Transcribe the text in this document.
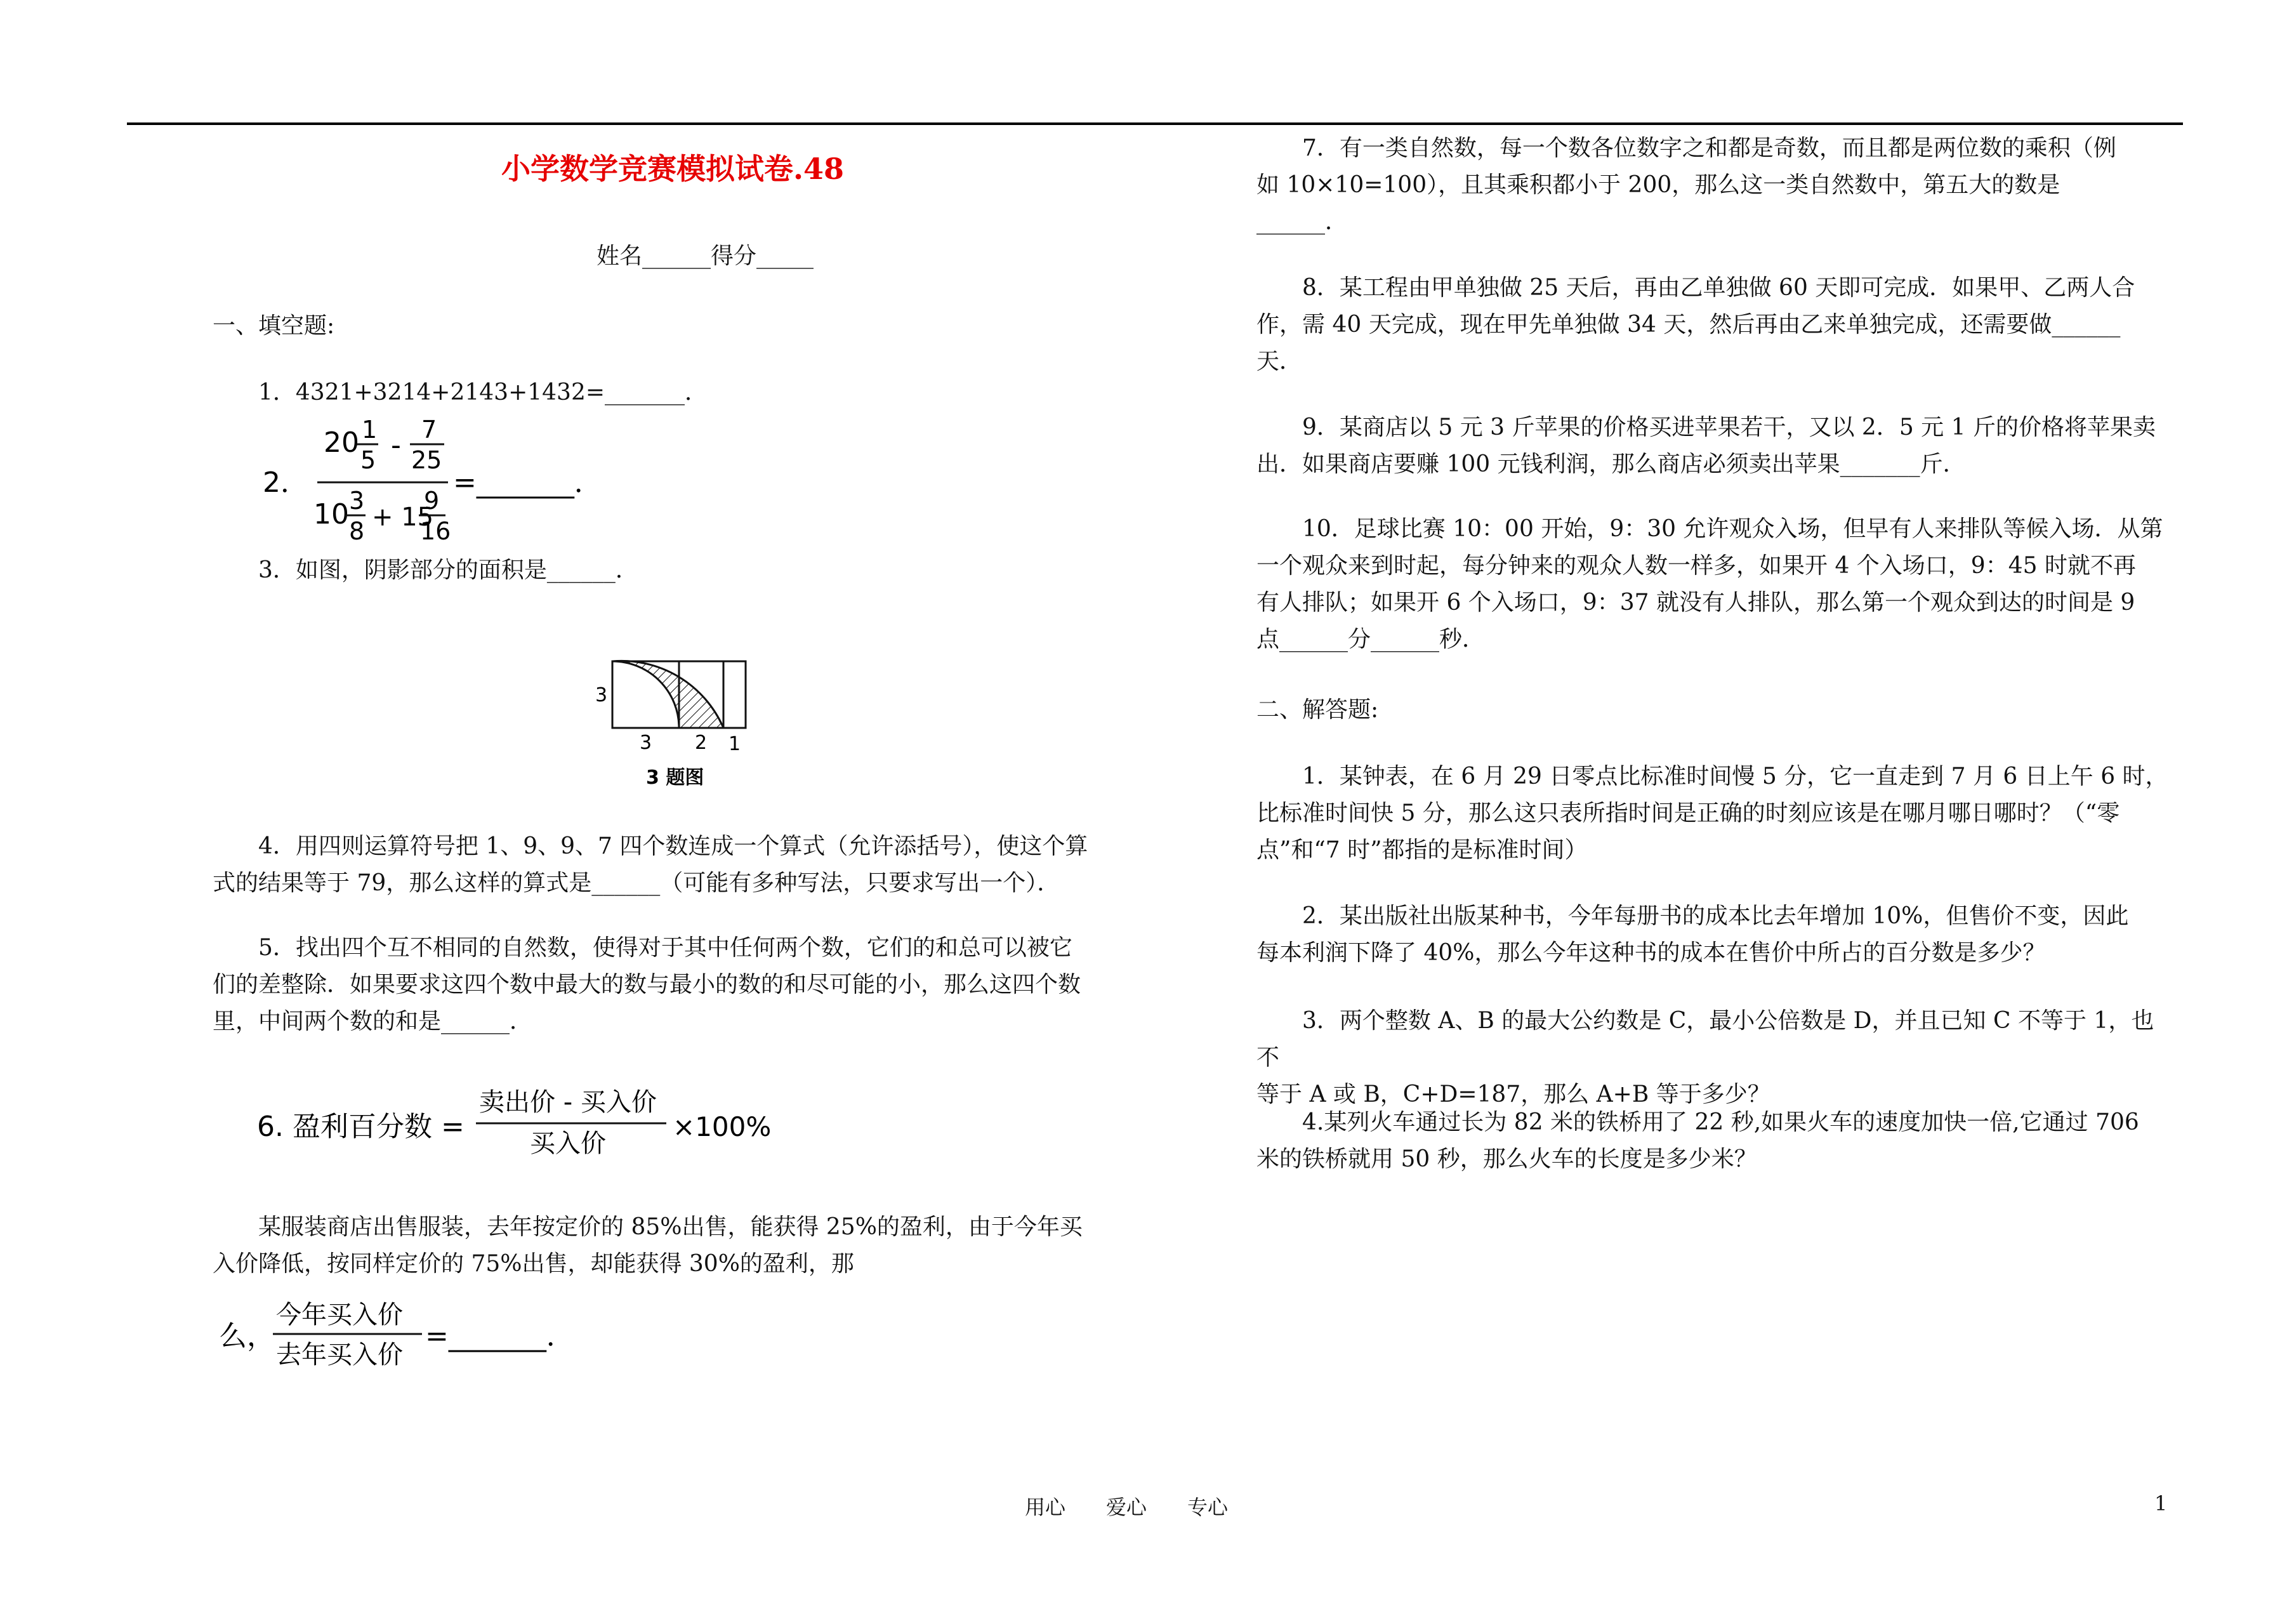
小学数学竞赛模拟试卷.48
姓名______得分_____
一、填空题:
1．4321+3214+2143+1432=_______．
2．
20 1
5 - 7
25
10 3
8 + 15
9
16
=_______．
3．如图，阴影部分的面积是______．
3
3 2 1
3 题图
4．用四则运算符号把 1、9、9、7 四个数连成一个算式（允许添括号），使这个算
式的结果等于 79，那么这样的算式是______（可能有多种写法，只要求写出一个）．
5．找出四个互不相同的自然数，使得对于其中任何两个数，它们的和总可以被它
们的差整除．如果要求这四个数中最大的数与最小的数的和尽可能的小，那么这四个数
里，中间两个数的和是______．
6. 盈利百分数 =
卖出价 - 买入价
买入价
×100%
某服装商店出售服装，去年按定价的 85%出售，能获得 25%的盈利，由于今年买
入价降低，按同样定价的 75%出售，却能获得 30%的盈利，那
么，
今年买入价
去年买入价
=_______．
7．有一类自然数，每一个数各位数字之和都是奇数，而且都是两位数的乘积（例
如 10×10=100），且其乘积都小于 200，那么这一类自然数中，第五大的数是
______．
8．某工程由甲单独做 25 天后，再由乙单独做 60 天即可完成．如果甲、乙两人合
作，需 40 天完成，现在甲先单独做 34 天，然后再由乙来单独完成，还需要做______
天．
9．某商店以 5 元 3 斤苹果的价格买进苹果若干，又以 2．5 元 1 斤的价格将苹果卖
出．如果商店要赚 100 元钱利润，那么商店必须卖出苹果_______斤．
10．足球比赛 10：00 开始，9：30 允许观众入场，但早有人来排队等候入场．从第
一个观众来到时起，每分钟来的观众人数一样多，如果开 4 个入场口，9：45 时就不再
有人排队；如果开 6 个入场口，9：37 就没有人排队，那么第一个观众到达的时间是 9
点______分______秒．
二、解答题:
1．某钟表，在 6 月 29 日零点比标准时间慢 5 分，它一直走到 7 月 6 日上午 6 时，
比标准时间快 5 分，那么这只表所指时间是正确的时刻应该是在哪月哪日哪时？（“零
点”和“7 时”都指的是标准时间）
2．某出版社出版某种书，今年每册书的成本比去年增加 10%，但售价不变，因此
每本利润下降了 40%，那么今年这种书的成本在售价中所占的百分数是多少？
3．两个整数 A、B 的最大公约数是 C，最小公倍数是 D，并且已知 C 不等于 1，也不
等于 A 或 B，C+D=187，那么 A+B 等于多少？
4.某列火车通过长为 82 米的铁桥用了 22 秒,如果火车的速度加快一倍,它通过 706
米的铁桥就用 50 秒，那么火车的长度是多少米？
用心　　爱心　　专心	1
